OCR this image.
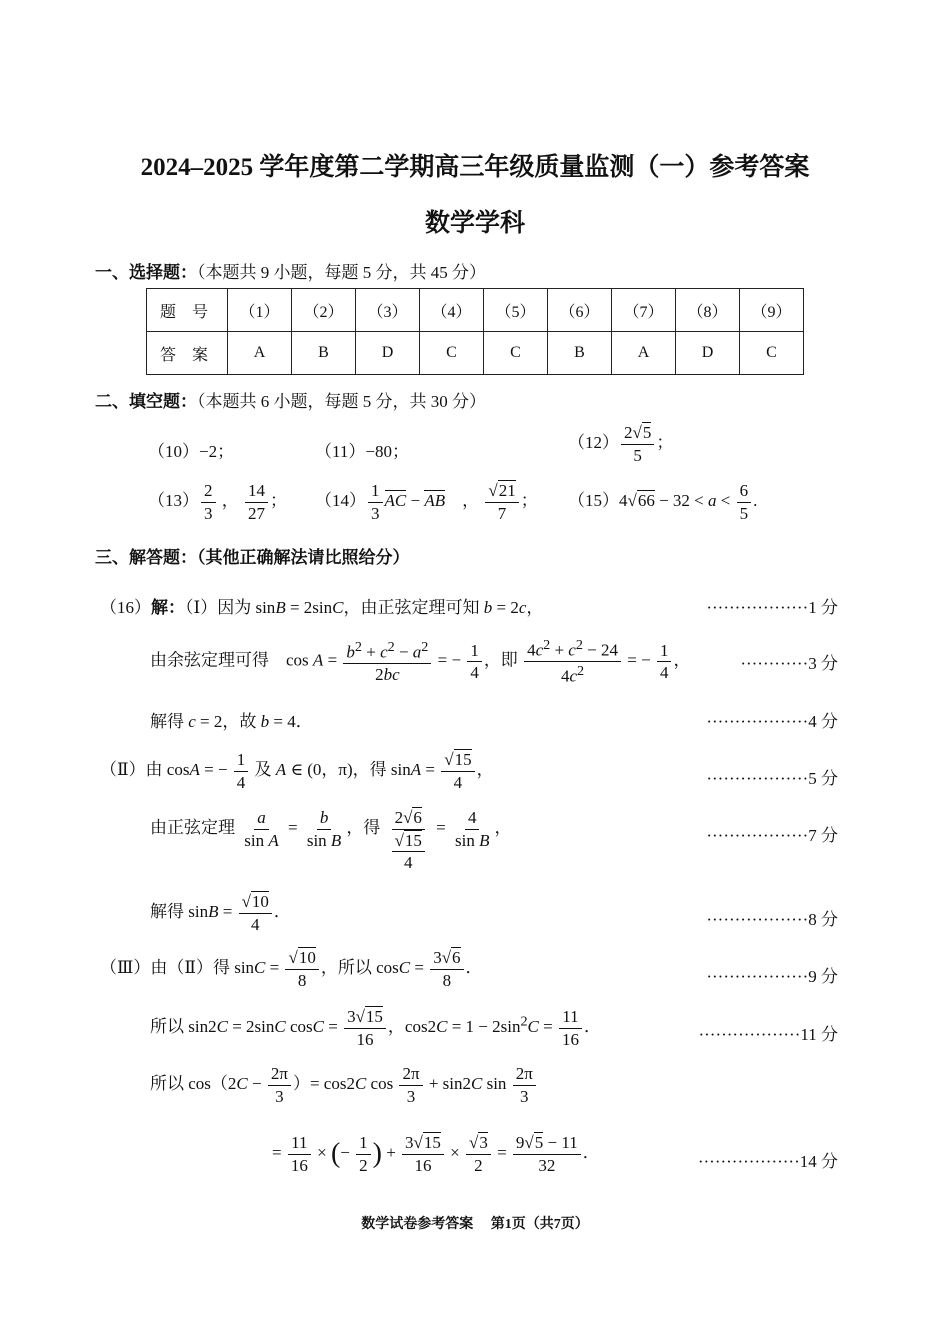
2024–2025 学年度第二学期高三年级质量监测（一）参考答案
数学学科
一、选择题：（本题共 9 小题，每题 5 分，共 45 分）
题 号	（1）	（2）	（3）	（4）	（5）	（6）	（7）	（8）	（9）
答 案	A	B	D	C	C	B	A	D	C
二、填空题：（本题共 6 小题，每题 5 分，共 30 分）
（10）−2；	（11）−80；	$(12) \frac{2√5}{5}$ ；
$(13) \frac{2}{3}$ ， $\frac{14}{27}$ ； $(14) \frac{1}{3}$ AC − AB　， $\frac{√21}{7}$ ； $(15)4√66 - 32 < a < \frac{6}{5}$ .
三、解答题：（其他正确解法请比照给分）
（16）解：（Ⅰ）因为 sinB = 2sinC，由正弦定理可知 b = 2c，	··················1 分
由余弦定理可得　$\cos A = \frac{b^2 + c^2 - a^2}{2bc}$ = − $\frac{1}{4}$ ，即 $\frac{4c^2 + c^2 - 24}{4c^2}$ = − $\frac{1}{4}$ ，	············3 分
解得 c = 2，故 b = 4．	··················4 分
（Ⅱ）由 cosA = − $\frac{1}{4}$ 及 A ∈ (0，π)，得 $\sin A = \frac{√15}{4}$ ，	··················5 分
由正弦定理 $\frac{a}{\text{sin A}} = \frac{b}{\text{sin B}}$ ，得 $\frac{2√6}{\frac{√15}{4}} = \frac{4}{\text{sin B}}$ ，	··················7 分
解得 $\sin B = \frac{√10}{4}$ ．	··················8 分
（Ⅲ）由（Ⅱ）得 $\sin C = \frac{√10}{8}$ ，所以 $\cos C = \frac{3√6}{8}$ ．	··················9 分
所以 sin2C = 2sinC $\cos C = \frac{3√15}{16}$ ，$\cos 2C = 1 - 2\sin^2C = \frac{11}{16}$ ．	··················11 分
所以 $\cos(2C - \frac{2\pi}{3}$ ）= cos2C $\cos \frac{2\pi}{3} + \sin 2C$ $\sin \frac{2\pi}{3}$
= $\frac{11}{16}$ × (− $\frac{1}{2}$ ) + $\frac{3√15}{16} \times \frac{√3}{2} = \frac{9√5 - 11}{32}$ ．	··················14 分
数学试卷参考答案　 第1页（共7页）
